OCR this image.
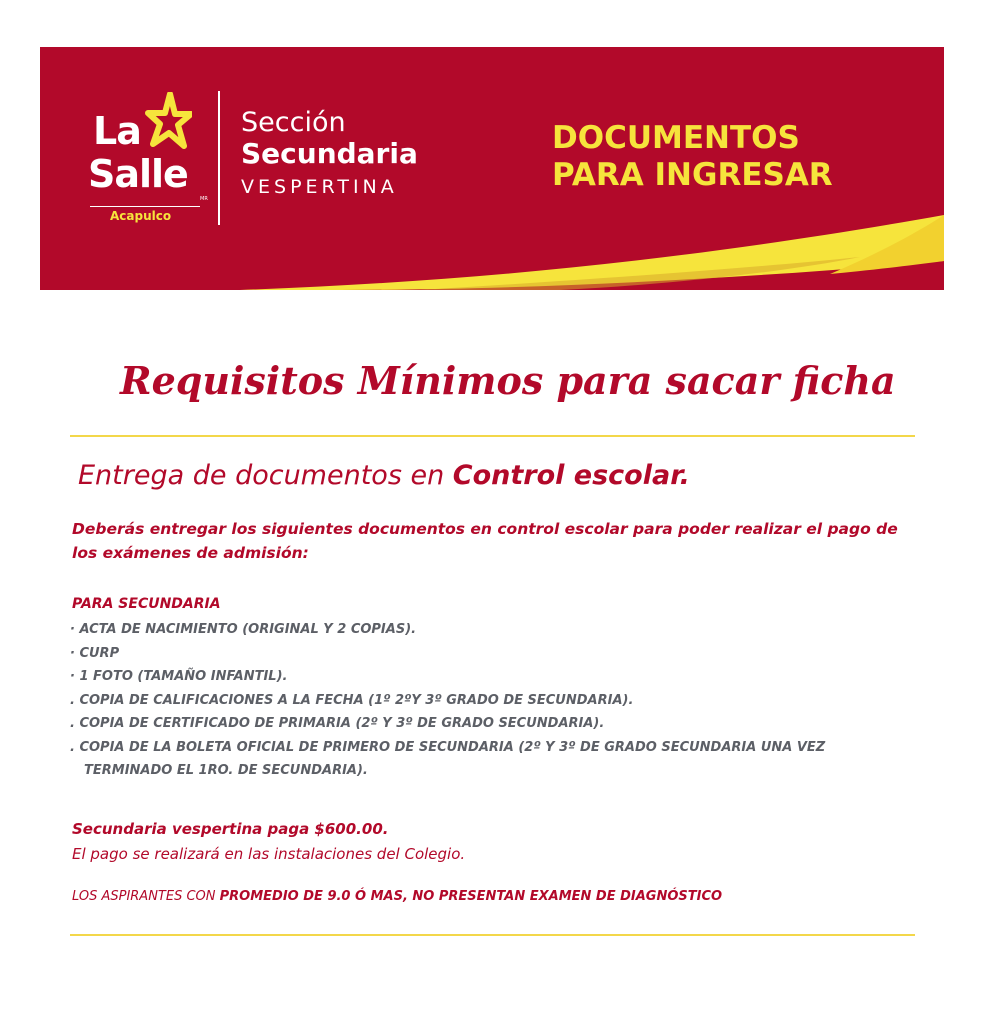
La
Salle
MR
Acapulco
Sección
Secundaria
VESPERTINA
DOCUMENTOS
PARA INGRESAR
Requisitos Mínimos para sacar ficha
Entrega de documentos en Control escolar.
Deberás entregar los siguientes documentos en control escolar para poder realizar el pago de los exámenes de admisión:
PARA SECUNDARIA
· ACTA DE NACIMIENTO (ORIGINAL Y 2 COPIAS).
· CURP
· 1 FOTO (TAMAÑO INFANTIL).
. COPIA DE CALIFICACIONES A LA FECHA (1º 2ºY 3º GRADO DE SECUNDARIA).
. COPIA DE CERTIFICADO DE PRIMARIA (2º Y 3º DE GRADO SECUNDARIA).
. COPIA DE LA BOLETA OFICIAL DE PRIMERO DE SECUNDARIA (2º Y 3º DE GRADO SECUNDARIA UNA VEZ TERMINADO EL 1RO. DE SECUNDARIA).
Secundaria vespertina paga $600.00.
El pago se realizará en las instalaciones del Colegio.
LOS ASPIRANTES CON PROMEDIO DE 9.0 Ó MAS, NO PRESENTAN EXAMEN DE DIAGNÓSTICO
